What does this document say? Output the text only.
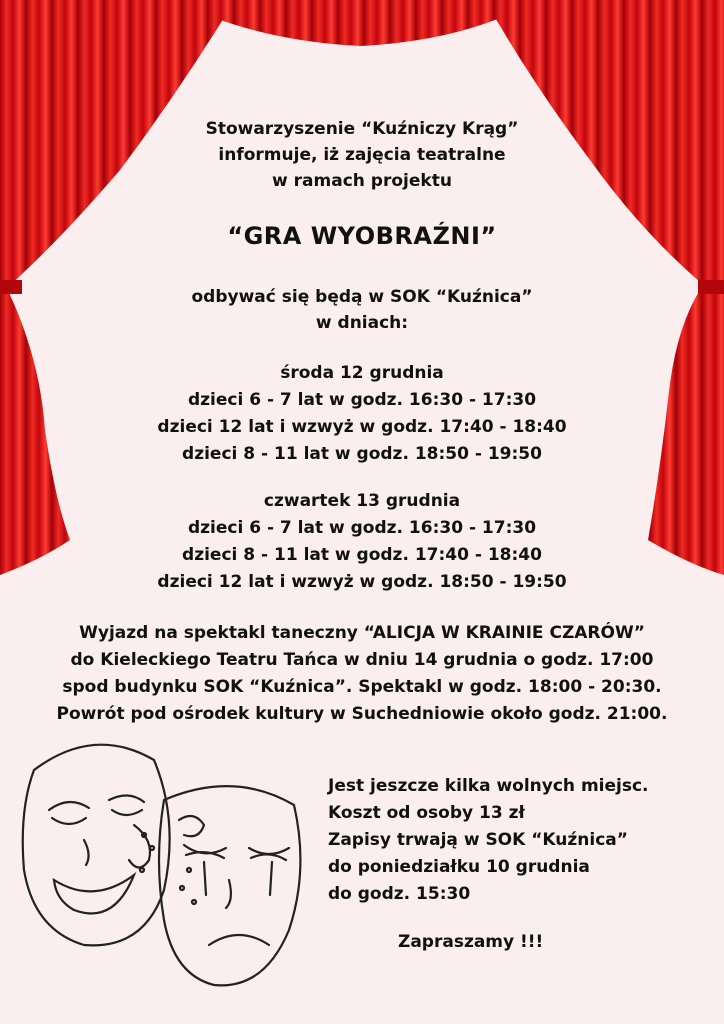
Stowarzyszenie “Kuźniczy Krąg”
informuje, iż zajęcia teatralne
w ramach projektu
“GRA WYOBRAŹNI”
odbywać się będą w SOK “Kuźnica”
w dniach:
środa 12 grudnia
dzieci 6 - 7 lat w godz. 16:30 - 17:30
dzieci 12 lat i wzwyż w godz. 17:40 - 18:40
dzieci 8 - 11 lat w godz. 18:50 - 19:50
czwartek 13 grudnia
dzieci 6 - 7 lat w godz. 16:30 - 17:30
dzieci 8 - 11 lat w godz. 17:40 - 18:40
dzieci 12 lat i wzwyż w godz. 18:50 - 19:50
Wyjazd na spektakl taneczny “ALICJA W KRAINIE CZARÓW”
do Kieleckiego Teatru Tańca w dniu 14 grudnia o godz. 17:00
spod budynku SOK “Kuźnica”. Spektakl w godz. 18:00 - 20:30.
Powrót pod ośrodek kultury w Suchedniowie około godz. 21:00.
Jest jeszcze kilka wolnych miejsc.
Koszt od osoby 13 zł
Zapisy trwają w SOK “Kuźnica”
do poniedziałku 10 grudnia
do godz. 15:30
Zapraszamy !!!
